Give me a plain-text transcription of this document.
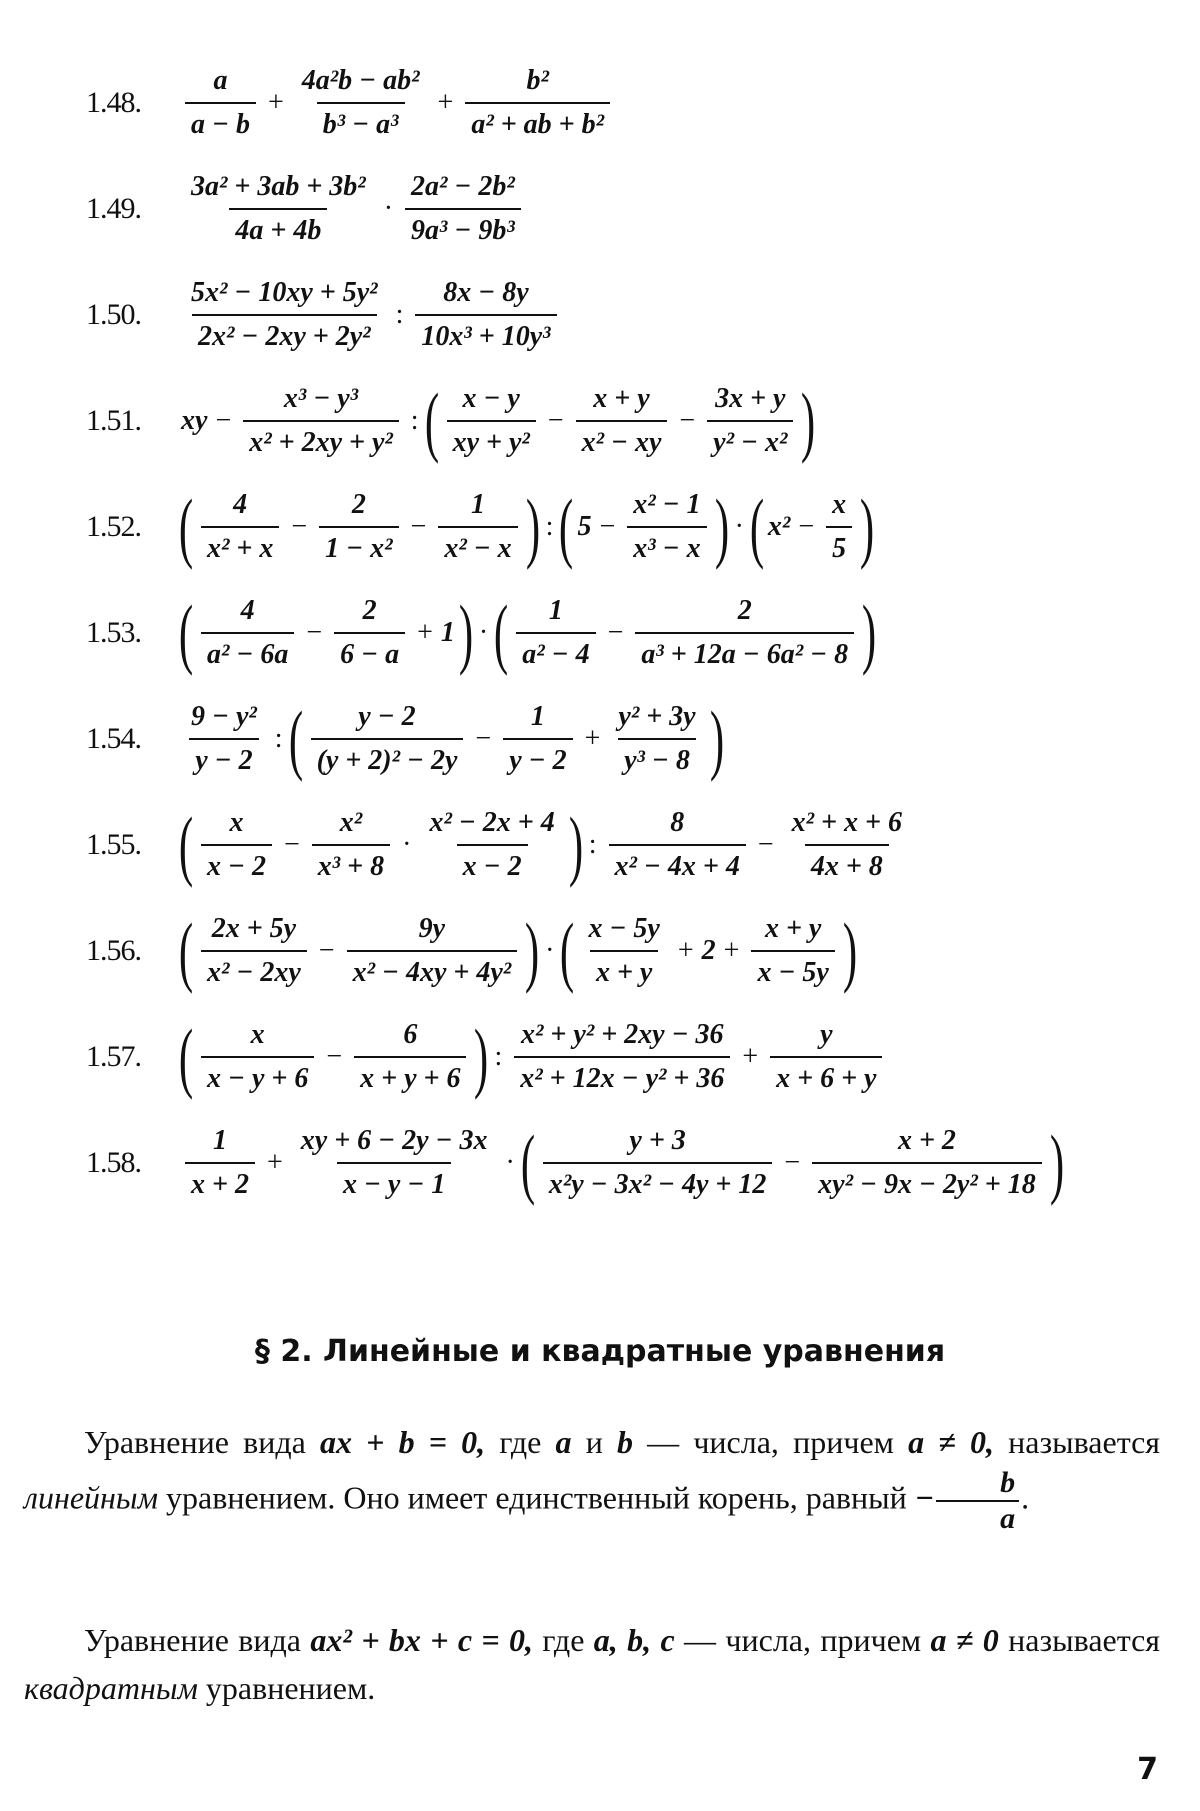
1.48.	$\frac{a}{a - b} + \frac{\text{4a²b − ab²}}{\text{b³ − a³}} + \frac{\text{b²}}{\text{a² + ab + b²}}$
1.49.	$\frac{\text{3a² + 3ab + 3b²}}{4a + 4b} \cdot \frac{\text{2a² − 2b²}}{\text{9a³ − 9b³}}$
1.50.	$\frac{\text{5x² − 10xy + 5y²}}{\text{2x² − 2xy + 2y²}}$ : $\frac{8x - 8y}{\text{10x³ + 10y³}}$
1.51.	xy − $\frac{\text{x³ − y³}}{\text{x² + 2xy + y²}}$ : ( $\frac{x - y}{\text{xy + y²}} - \frac{x + y}{\text{x² − xy}} - \frac{3x + y}{\text{y² − x²}}$ )
1.52. ( $\frac{4}{\text{x² + x}} - \frac{2}{\text{1 − x²}} - \frac{1}{\text{x² − x}}$ ) : ( $5 - \frac{\text{x² − 1}}{\text{x³ − x}}$ ) · ( $x^2 - \frac{x}{5}$ )
1.53. ( $\frac{4}{\text{a² − 6a}} - \frac{2}{6 - a} + 1$ ) · ( $\frac{1}{\text{a² − 4}} - \frac{2}{\text{a³ + 12a − 6a² − 8}}$ )
1.54.	$\frac{\text{9 − y²}}{y - 2}$ : ( $\frac{y - 2}{\text{(y + 2)² − 2y}} - \frac{1}{y - 2} + \frac{\text{y² + 3y}}{\text{y³ − 8}}$ )
1.55. ( $\frac{x}{x - 2} - \frac{\text{x²}}{\text{x³ + 8}} \cdot \frac{\text{x² − 2x + 4}}{x - 2}$ ) : $\frac{8}{\text{x² − 4x + 4}} - \frac{\text{x² + x + 6}}{4x + 8}$
1.56. ( $\frac{2x + 5y}{\text{x² − 2xy}} - \frac{9y}{\text{x² − 4xy + 4y²}}$ ) · ( $\frac{x - 5y}{x + y} + 2 + \frac{x + y}{x - 5y}$ )
1.57. ( $\frac{x}{x - y + 6} - \frac{6}{x + y + 6}$ ) : $\frac{\text{x² + y² + 2xy − 36}}{\text{x² + 12x − y² + 36}} + \frac{y}{x + 6 + y}$
1.58.	$\frac{1}{x + 2} + \frac{xy + 6 - 2y - 3x}{x - y - 1}$ · ( $\frac{y + 3}{\text{x²y − 3x² − 4y + 12}} - \frac{x + 2}{\text{xy² − 9x − 2y² + 18}}$ )
§ 2. Линейные и квадратные уравнения
Уравнение вида ax + b = 0, где a и b — числа, причем a ≠ 0, называется линейным уравнением. Оно имеет единственный корень, равный − $\frac{b}{a}$ .
Уравнение вида ax² + bx + c = 0, где a, b, c — числа, причем a ≠ 0 называется квадратным уравнением.
7
